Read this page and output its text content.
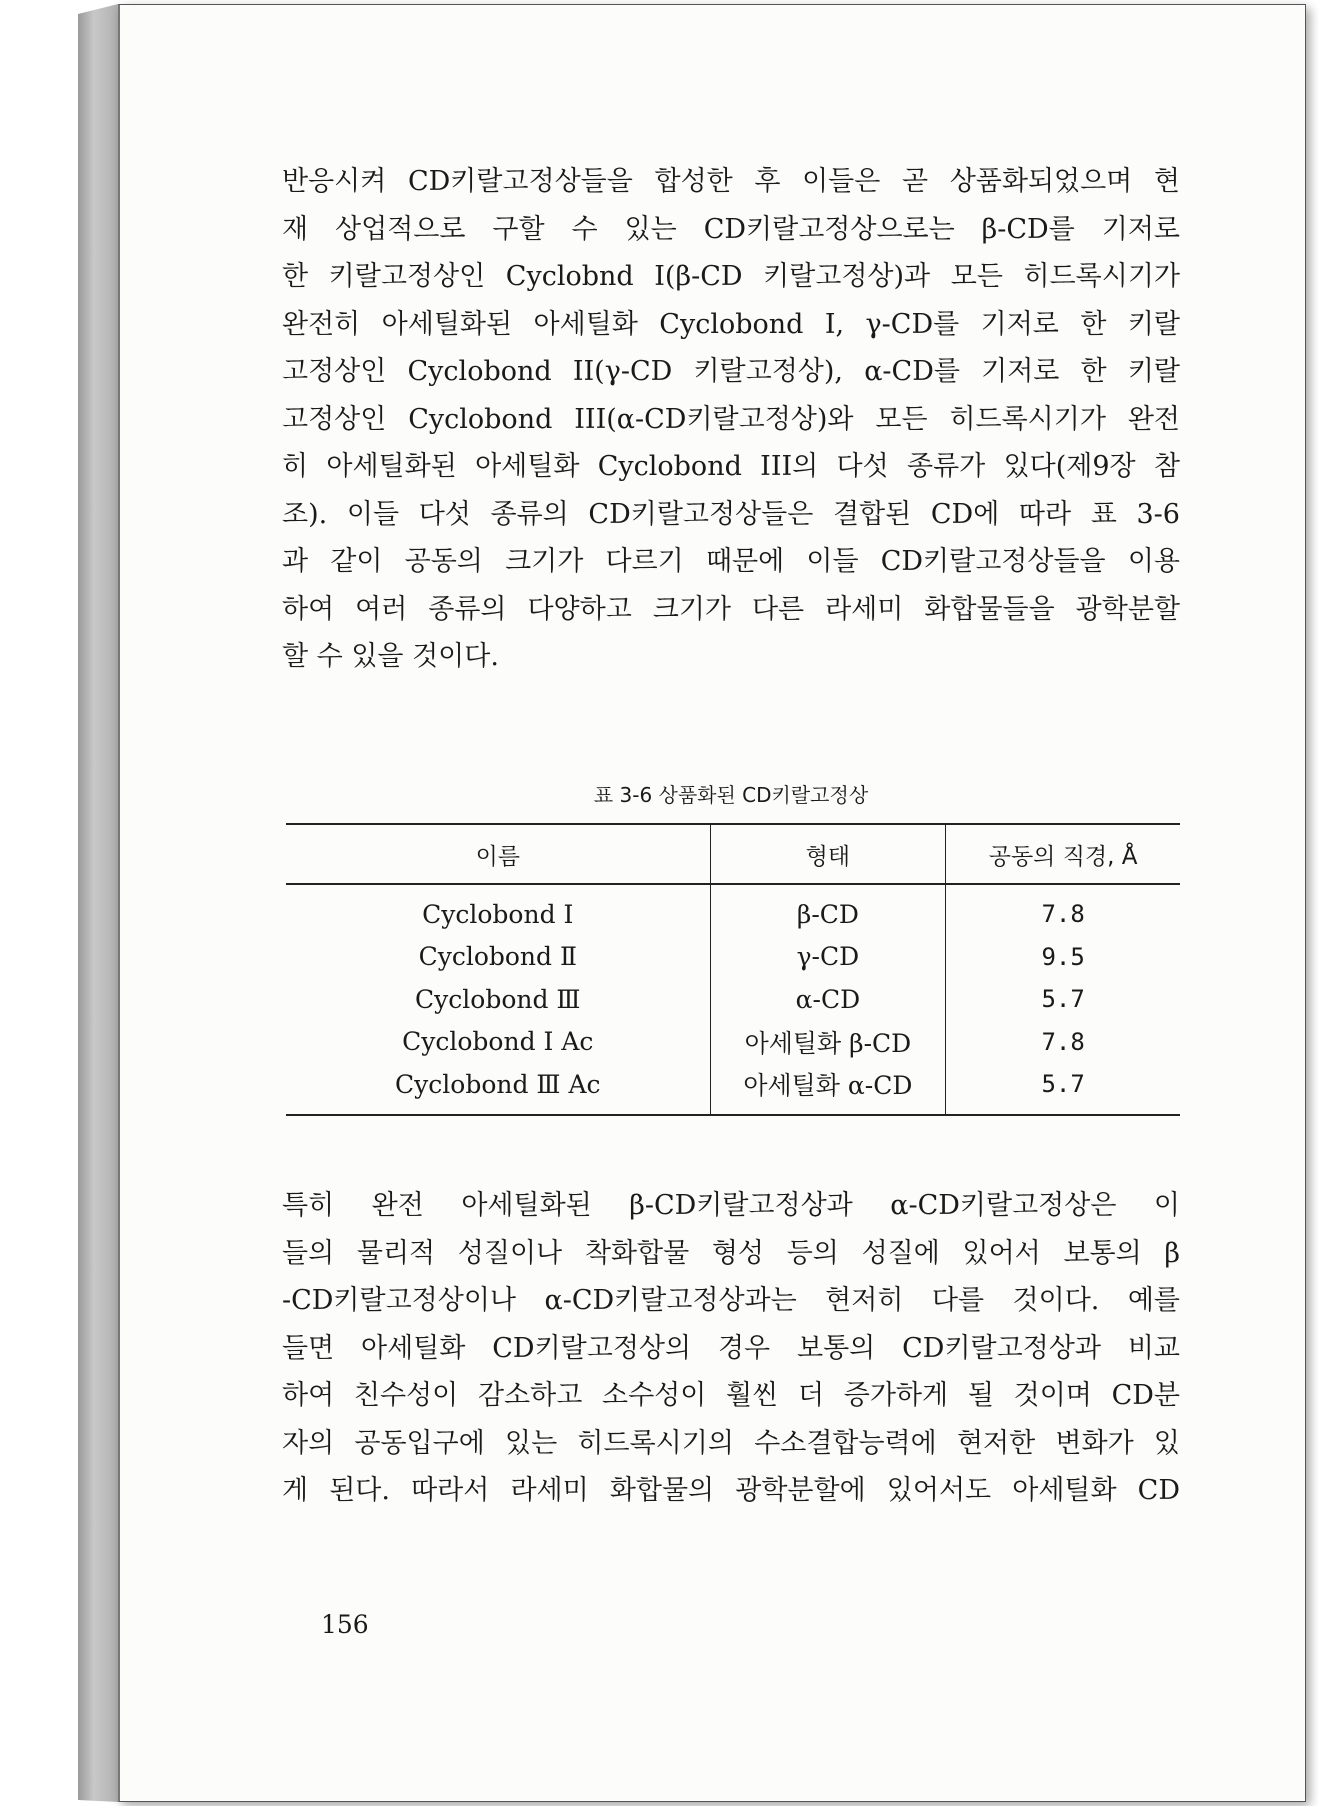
반응시켜 CD키랄고정상들을 합성한 후 이들은 곧 상품화되었으며 현
재 상업적으로 구할 수 있는 CD키랄고정상으로는 β-CD를 기저로
한 키랄고정상인 Cyclobnd I(β-CD 키랄고정상)과 모든 히드록시기가
완전히 아세틸화된 아세틸화 Cyclobond I, γ-CD를 기저로 한 키랄
고정상인 Cyclobond II(γ-CD 키랄고정상), α-CD를 기저로 한 키랄
고정상인 Cyclobond III(α-CD키랄고정상)와 모든 히드록시기가 완전
히 아세틸화된 아세틸화 Cyclobond III의 다섯 종류가 있다(제9장 참
조). 이들 다섯 종류의 CD키랄고정상들은 결합된 CD에 따라 표 3-6
과 같이 공동의 크기가 다르기 때문에 이들 CD키랄고정상들을 이용
하여 여러 종류의 다양하고 크기가 다른 라세미 화합물들을 광학분할
할 수 있을 것이다.
표 3-6 상품화된 CD키랄고정상
이름	형태	공동의 직경, Å
Cyclobond Ⅰ	β-CD	7.8
Cyclobond Ⅱ	γ-CD	9.5
Cyclobond Ⅲ	α-CD	5.7
Cyclobond Ⅰ Ac	아세틸화 β-CD	7.8
Cyclobond Ⅲ Ac	아세틸화 α-CD	5.7
특히 완전 아세틸화된 β-CD키랄고정상과 α-CD키랄고정상은 이
들의 물리적 성질이나 착화합물 형성 등의 성질에 있어서 보통의 β
-CD키랄고정상이나 α-CD키랄고정상과는 현저히 다를 것이다. 예를
들면 아세틸화 CD키랄고정상의 경우 보통의 CD키랄고정상과 비교
하여 친수성이 감소하고 소수성이 훨씬 더 증가하게 될 것이며 CD분
자의 공동입구에 있는 히드록시기의 수소결합능력에 현저한 변화가 있
게 된다. 따라서 라세미 화합물의 광학분할에 있어서도 아세틸화 CD
156
